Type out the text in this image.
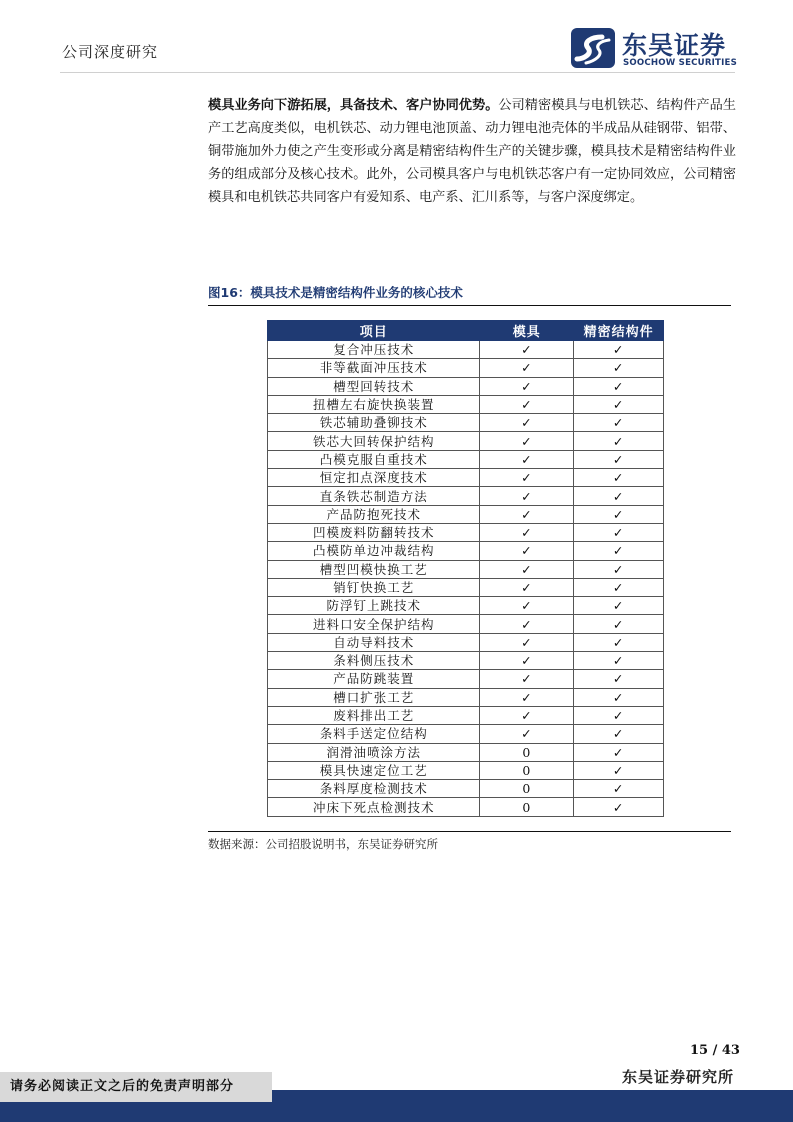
公司深度研究	东吴证券
SOOCHOW SECURITIES
模具业务向下游拓展，具备技术、客户协同优势。公司精密模具与电机铁芯、结构件产品生产工艺高度类似，电机铁芯、动力锂电池顶盖、动力锂电池壳体的半成品从硅钢带、铝带、铜带施加外力使之产生变形或分离是精密结构件生产的关键步骤，模具技术是精密结构件业务的组成部分及核心技术。此外，公司模具客户与电机铁芯客户有一定协同效应，公司精密模具和电机铁芯共同客户有爱知系、电产系、汇川系等，与客户深度绑定。
图16：模具技术是精密结构件业务的核心技术
项目	模具	精密结构件
复合冲压技术	✓	✓
非等截面冲压技术	✓	✓
槽型回转技术	✓	✓
扭槽左右旋快换装置	✓	✓
铁芯辅助叠铆技术	✓	✓
铁芯大回转保护结构	✓	✓
凸模克服自重技术	✓	✓
恒定扣点深度技术	✓	✓
直条铁芯制造方法	✓	✓
产品防抱死技术	✓	✓
凹模废料防翻转技术	✓	✓
凸模防单边冲裁结构	✓	✓
槽型凹模快换工艺	✓	✓
销钉快换工艺	✓	✓
防浮钉上跳技术	✓	✓
进料口安全保护结构	✓	✓
自动导料技术	✓	✓
条料侧压技术	✓	✓
产品防跳装置	✓	✓
槽口扩张工艺	✓	✓
废料排出工艺	✓	✓
条料手送定位结构	✓	✓
润滑油喷涂方法	0	✓
模具快速定位工艺	0	✓
条料厚度检测技术	0	✓
冲床下死点检测技术	0	✓
数据来源：公司招股说明书，东吴证券研究所
15 / 43
东吴证券研究所
请务必阅读正文之后的免责声明部分
